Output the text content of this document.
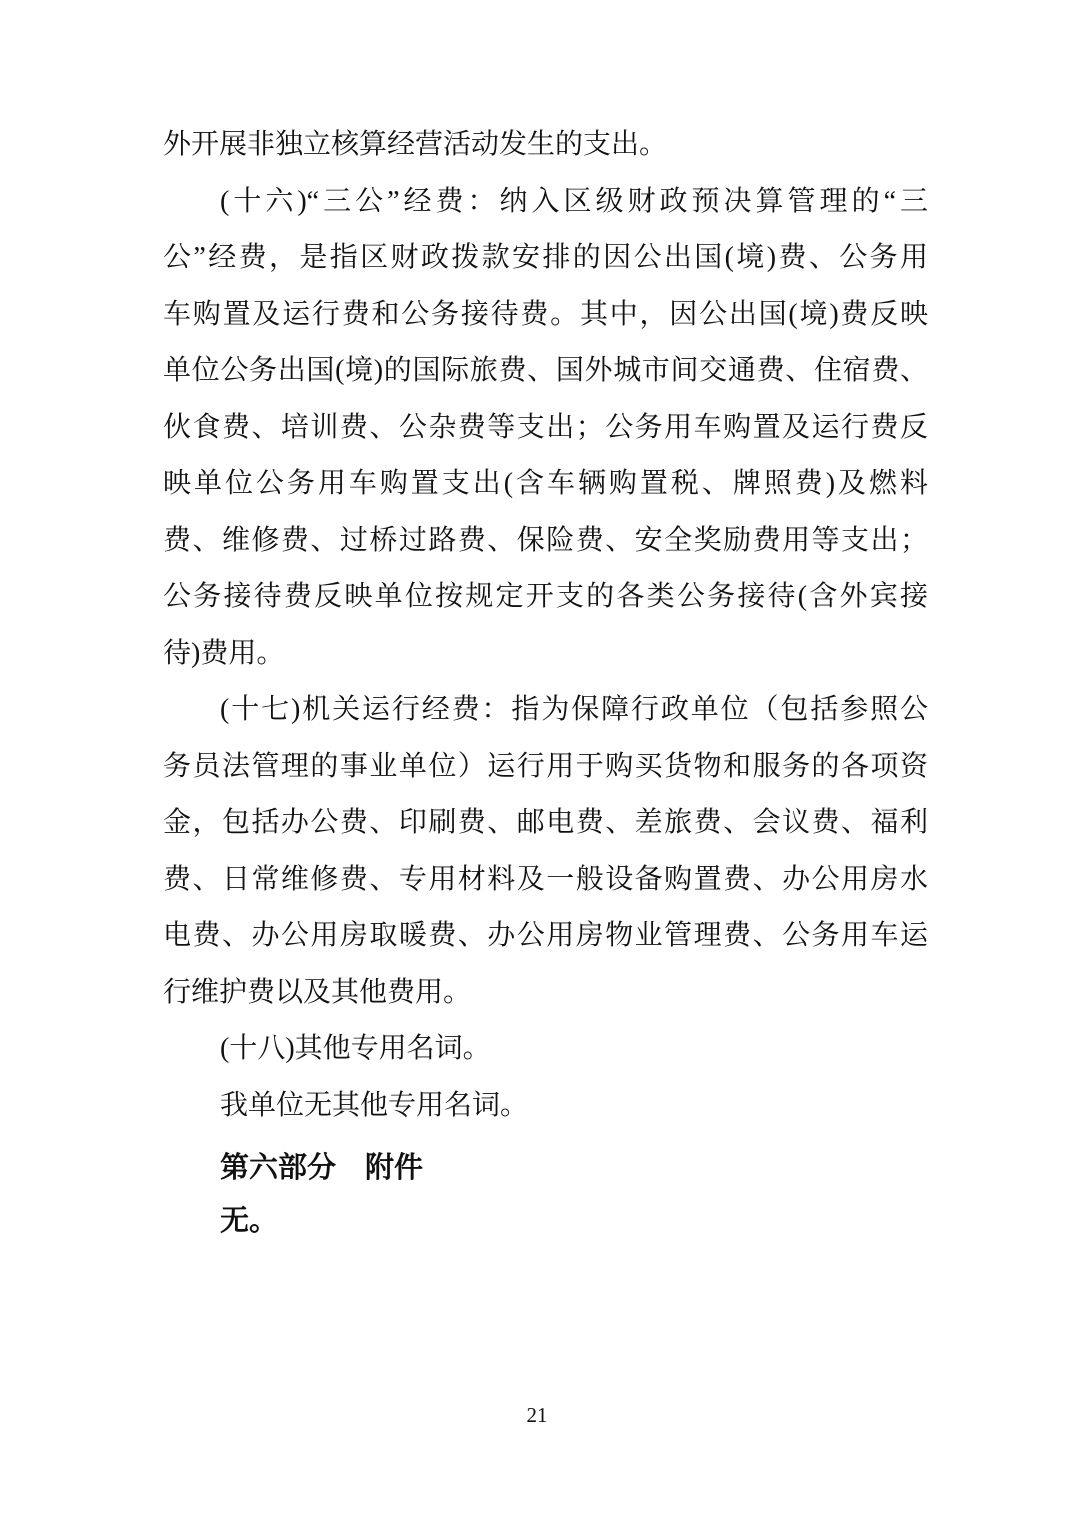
外开展非独立核算经营活动发生的支出。
(十六)“三公”经费：纳入区级财政预决算管理的“三
公”经费，是指区财政拨款安排的因公出国(境)费、公务用
车购置及运行费和公务接待费。其中，因公出国(境)费反映
单位公务出国(境)的国际旅费、国外城市间交通费、住宿费、
伙食费、培训费、公杂费等支出；公务用车购置及运行费反
映单位公务用车购置支出(含车辆购置税、牌照费)及燃料
费、维修费、过桥过路费、保险费、安全奖励费用等支出；
公务接待费反映单位按规定开支的各类公务接待(含外宾接
待)费用。
(十七)机关运行经费：指为保障行政单位（包括参照公
务员法管理的事业单位）运行用于购买货物和服务的各项资
金，包括办公费、印刷费、邮电费、差旅费、会议费、福利
费、日常维修费、专用材料及一般设备购置费、办公用房水
电费、办公用房取暖费、办公用房物业管理费、公务用车运
行维护费以及其他费用。
(十八)其他专用名词。
我单位无其他专用名词。
第六部分　附件
无。
21
